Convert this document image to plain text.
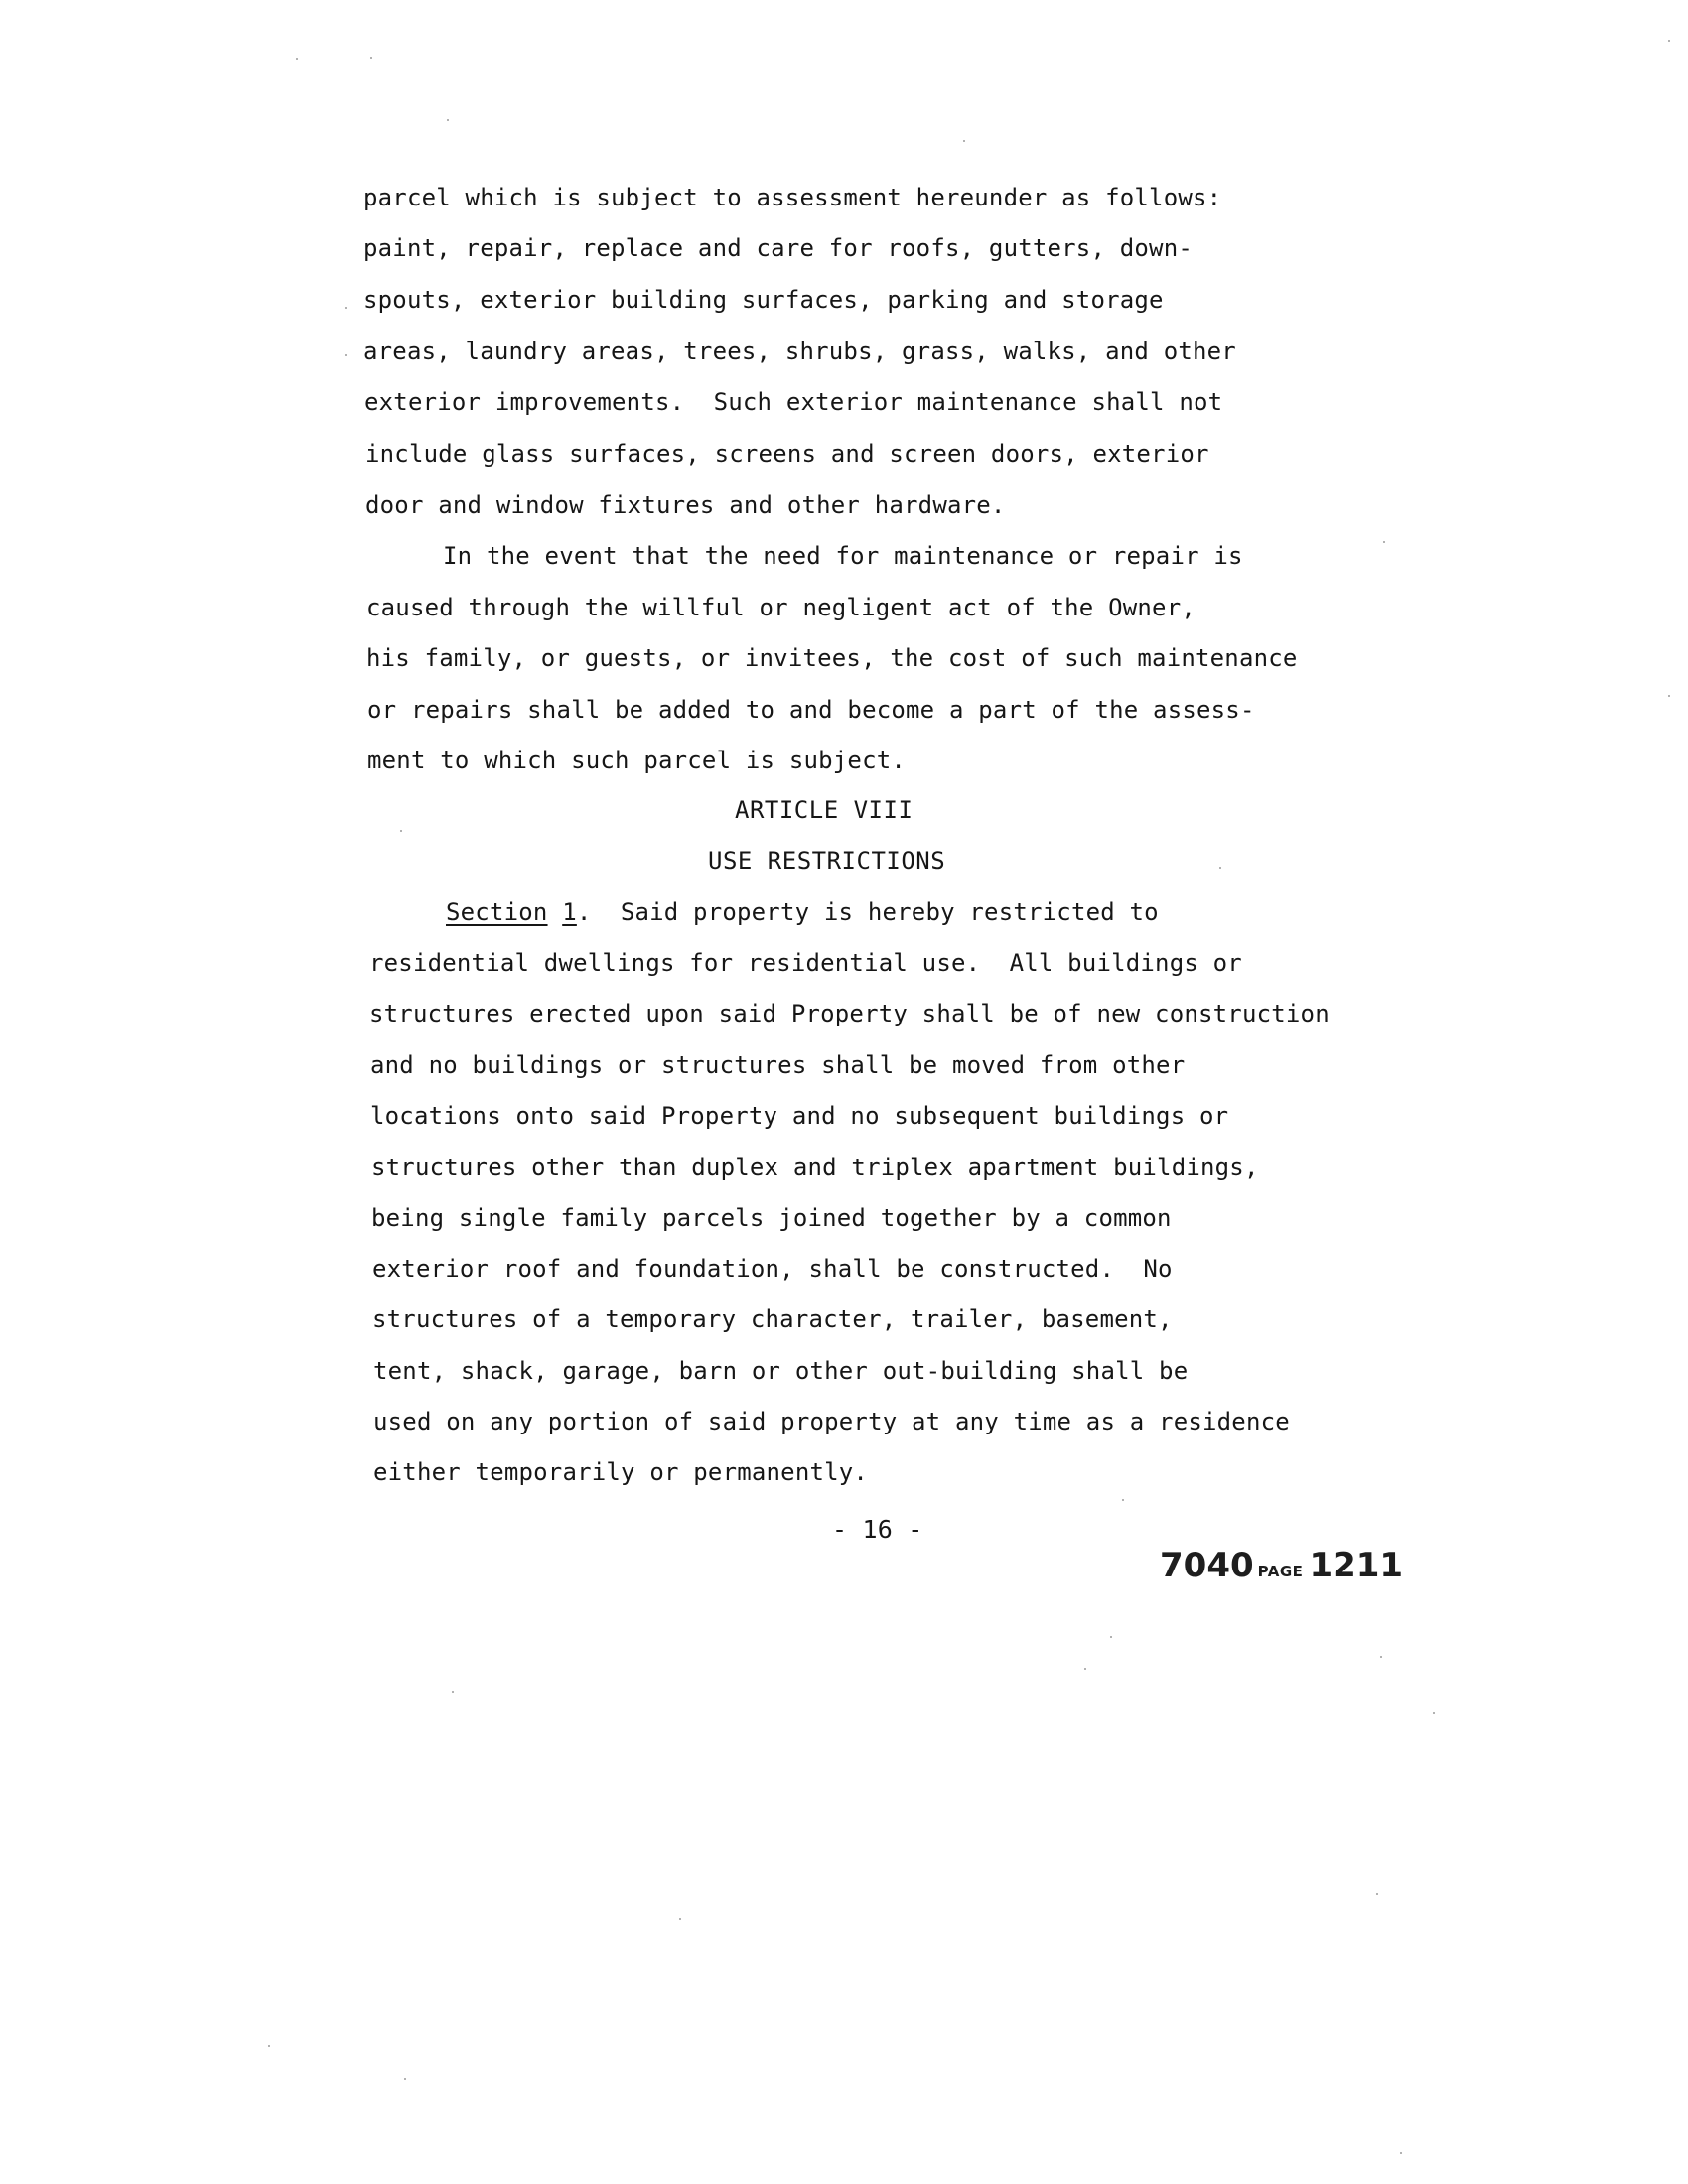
parcel which is subject to assessment hereunder as follows:
paint, repair, replace and care for roofs, gutters, down-
spouts, exterior building surfaces, parking and storage
areas, laundry areas, trees, shrubs, grass, walks, and other
exterior improvements.  Such exterior maintenance shall not
include glass surfaces, screens and screen doors, exterior
door and window fixtures and other hardware.
In the event that the need for maintenance or repair is
caused through the willful or negligent act of the Owner,
his family, or guests, or invitees, the cost of such maintenance
or repairs shall be added to and become a part of the assess-
ment to which such parcel is subject.
ARTICLE VIII
USE RESTRICTIONS
Section 1.  Said property is hereby restricted to
residential dwellings for residential use.  All buildings or
structures erected upon said Property shall be of new construction
and no buildings or structures shall be moved from other
locations onto said Property and no subsequent buildings or
structures other than duplex and triplex apartment buildings,
being single family parcels joined together by a common
exterior roof and foundation, shall be constructed.  No
structures of a temporary character, trailer, basement,
tent, shack, garage, barn or other out-building shall be
used on any portion of said property at any time as a residence
either temporarily or permanently.
- 16 -
7040 PAGE 1211
